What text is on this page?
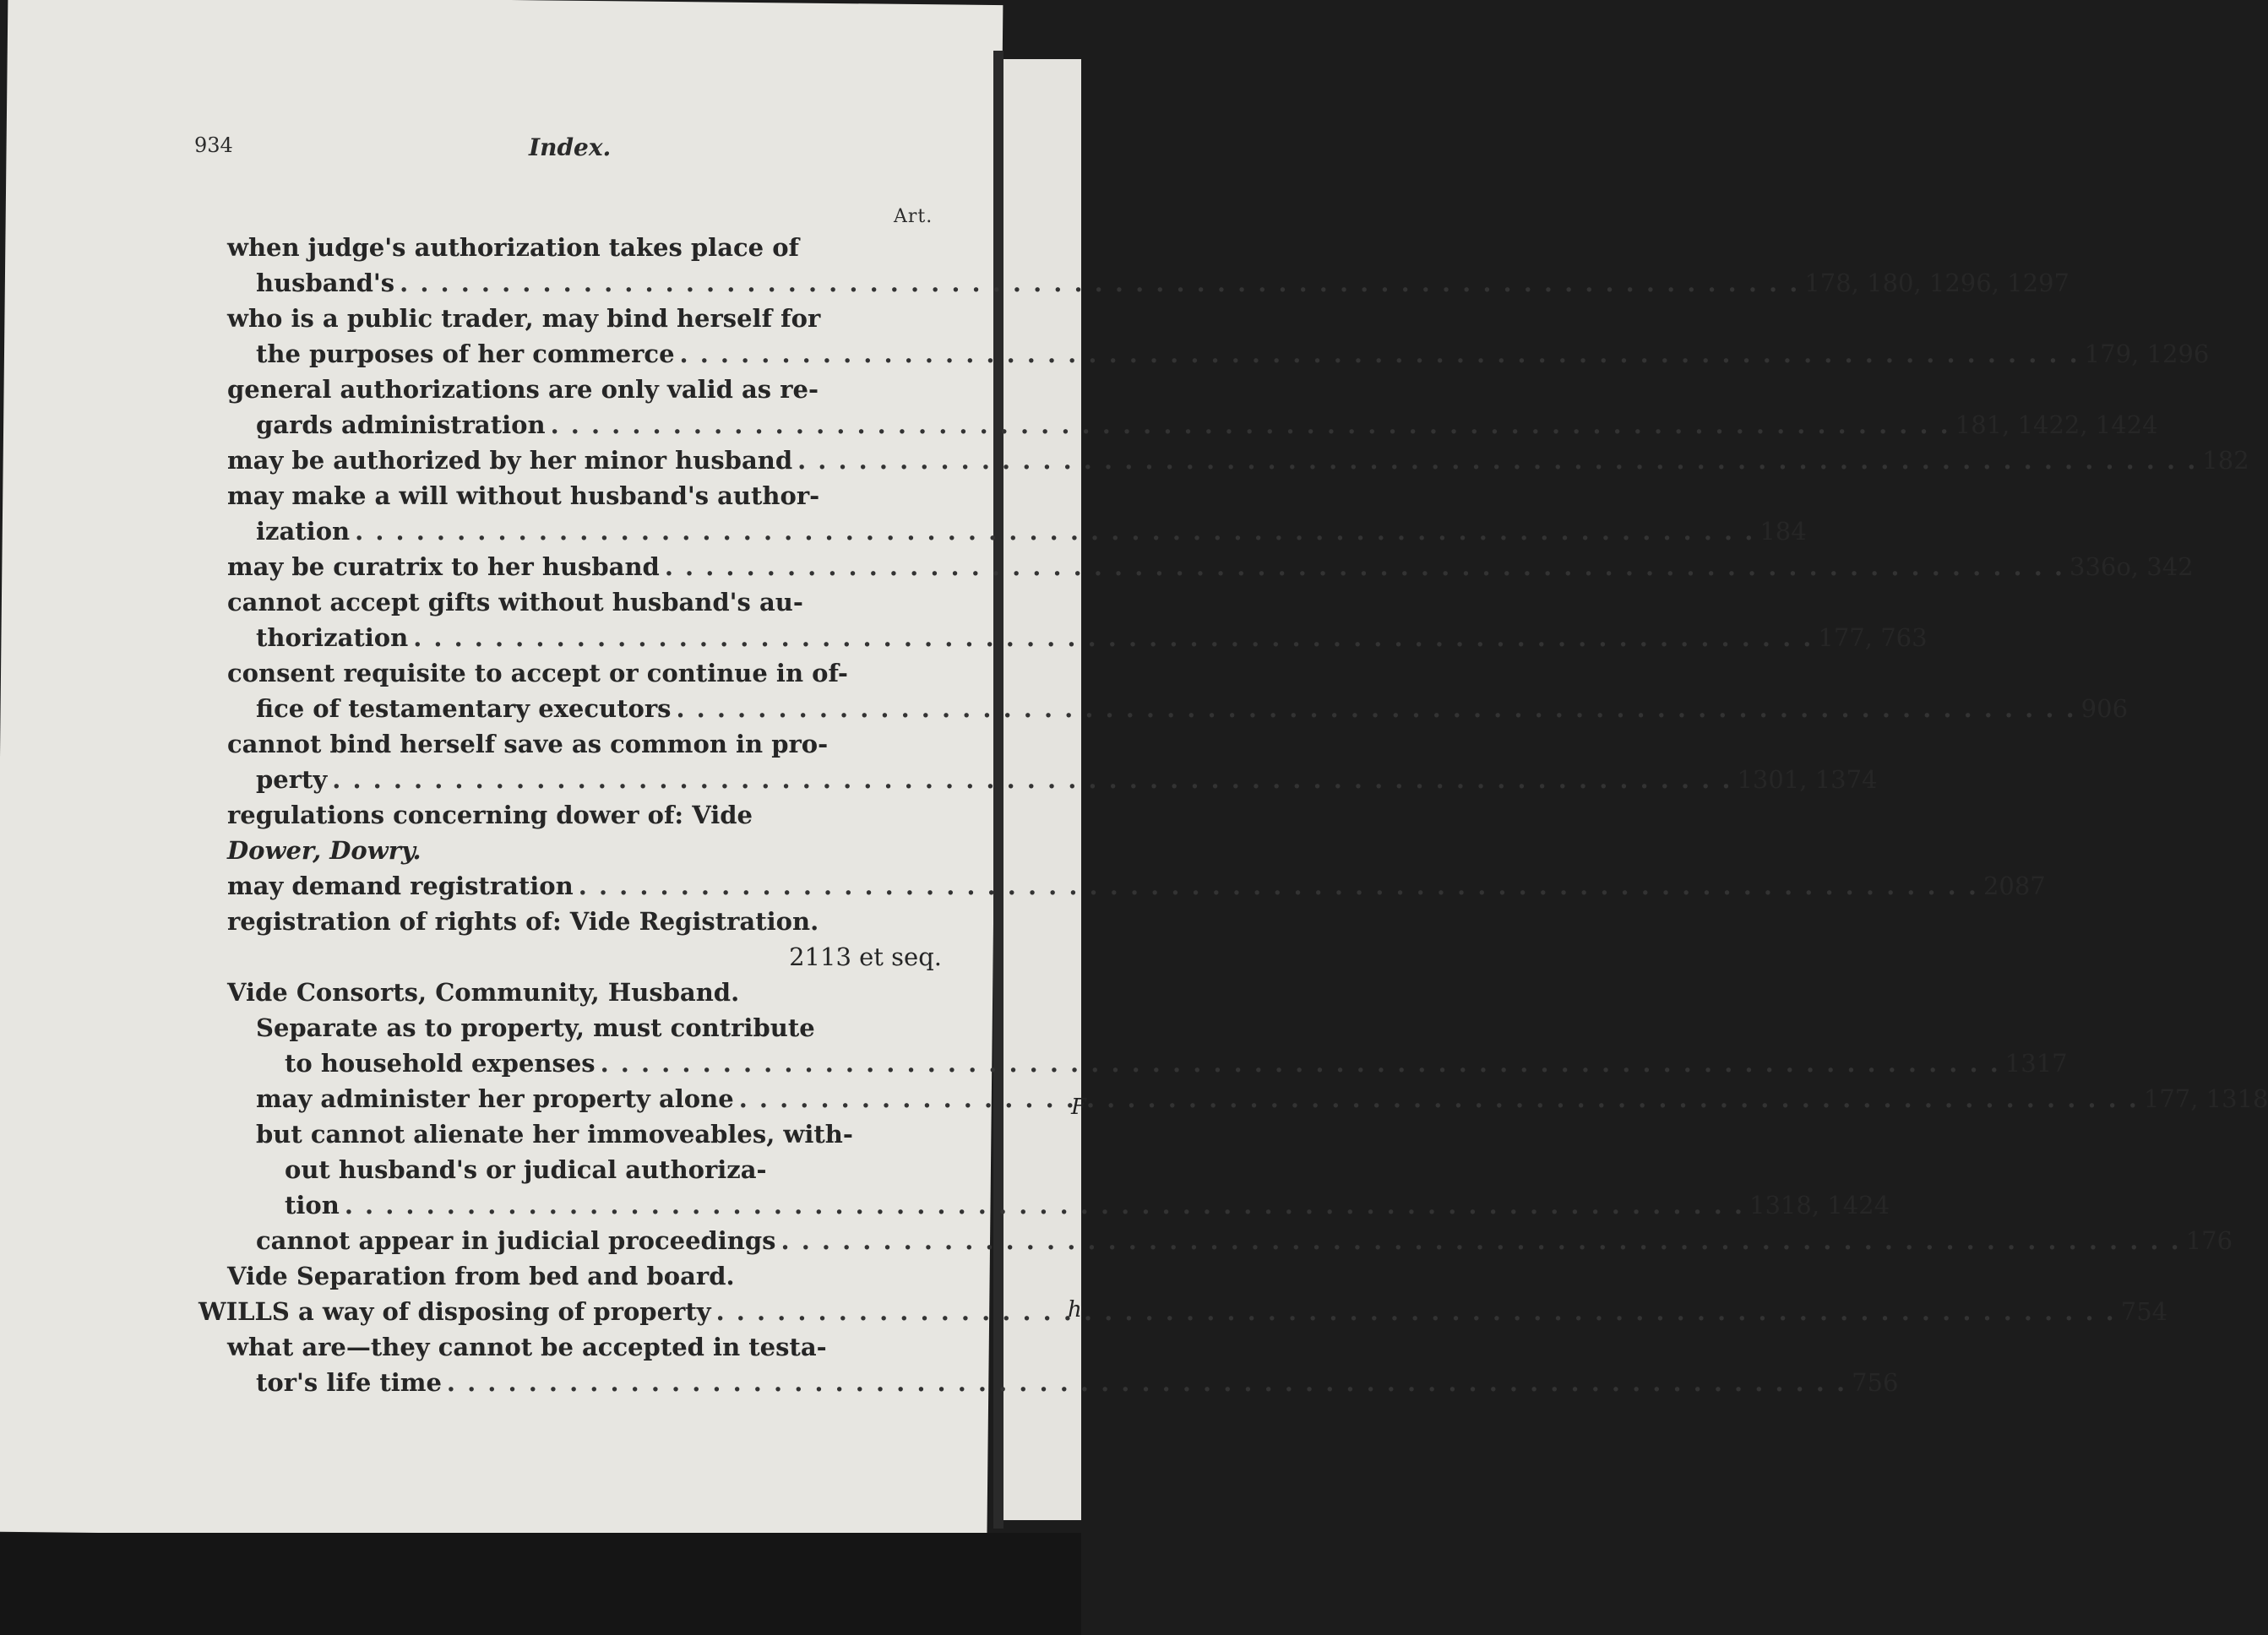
F
h
934	Index.
Art.
when judge's authorization takes place of
husband's . . .	178, 180, 1296, 1297
who is a public trader, may bind herself for
the purposes of her commerce . . .	179, 1296
general authorizations are only valid as re-
gards administration . . .	181, 1422, 1424
may be authorized by her minor husband . . .	182
may make a will without husband's author-
ization . . .	184
may be curatrix to her husband . . .	336o, 342
cannot accept gifts without husband's au-
thorization . . .	177, 763
consent requisite to accept or continue in of-
fice of testamentary executors . . .	906
cannot bind herself save as common in pro-
perty . . .	1301, 1374
regulations concerning dower of: Vide
Dower, Dowry.
may demand registration . . .	2087
registration of rights of: Vide Registration.
2113 et seq.
Vide Consorts, Community, Husband.
Separate as to property, must contribute
to household expenses . . .	1317
may administer her property alone . . .	177, 1318
but cannot alienate her immoveables, with-
out husband's or judical authoriza-
tion . . .	1318, 1424
cannot appear in judicial proceedings . . .	176
Vide Separation from bed and board.
WILLS a way of disposing of property . . .	754
what are—they cannot be accepted in testa-
tor's life time . . .	756
